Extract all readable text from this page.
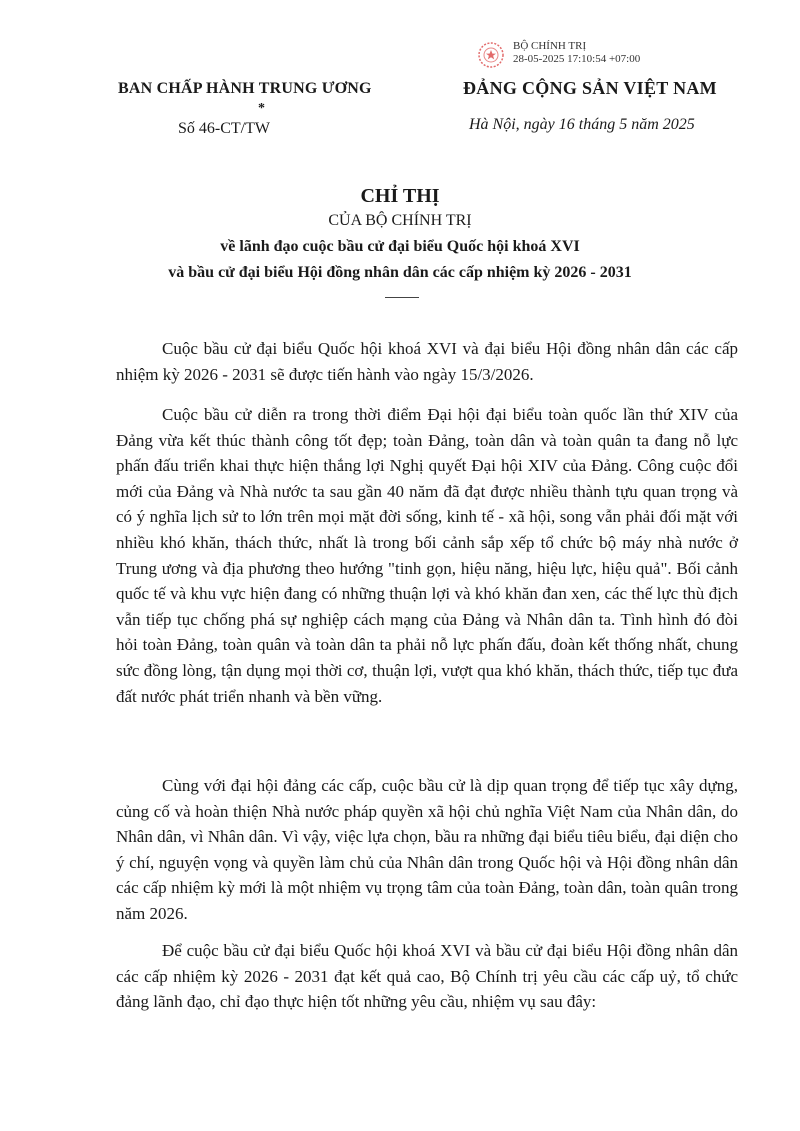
BỘ CHÍNH TRỊ
28-05-2025 17:10:54 +07:00
BAN CHẤP HÀNH TRUNG ƯƠNG
*
Số 46-CT/TW
ĐẢNG CỘNG SẢN VIỆT NAM
Hà Nội, ngày 16 tháng 5 năm 2025
CHỈ THỊ
CỦA BỘ CHÍNH TRỊ
về lãnh đạo cuộc bầu cử đại biểu Quốc hội khoá XVI
và bầu cử đại biểu Hội đồng nhân dân các cấp nhiệm kỳ 2026 - 2031

Cuộc bầu cử đại biểu Quốc hội khoá XVI và đại biểu Hội đồng nhân dân các cấp nhiệm kỳ 2026 - 2031 sẽ được tiến hành vào ngày 15/3/2026.

Cuộc bầu cử diễn ra trong thời điểm Đại hội đại biểu toàn quốc lần thứ XIV của Đảng vừa kết thúc thành công tốt đẹp; toàn Đảng, toàn dân và toàn quân ta đang nỗ lực phấn đấu triển khai thực hiện thắng lợi Nghị quyết Đại hội XIV của Đảng. Công cuộc đổi mới của Đảng và Nhà nước ta sau gần 40 năm đã đạt được nhiều thành tựu quan trọng và có ý nghĩa lịch sử to lớn trên mọi mặt đời sống, kinh tế - xã hội, song vẫn phải đối mặt với nhiều khó khăn, thách thức, nhất là trong bối cảnh sắp xếp tổ chức bộ máy nhà nước ở Trung ương và địa phương theo hướng "tinh gọn, hiệu năng, hiệu lực, hiệu quả". Bối cảnh quốc tế và khu vực hiện đang có những thuận lợi và khó khăn đan xen, các thế lực thù địch vẫn tiếp tục chống phá sự nghiệp cách mạng của Đảng và Nhân dân ta. Tình hình đó đòi hỏi toàn Đảng, toàn quân và toàn dân ta phải nỗ lực phấn đấu, đoàn kết thống nhất, chung sức đồng lòng, tận dụng mọi thời cơ, thuận lợi, vượt qua khó khăn, thách thức, tiếp tục đưa đất nước phát triển nhanh và bền vững.

Cùng với đại hội đảng các cấp, cuộc bầu cử là dịp quan trọng để tiếp tục xây dựng, củng cố và hoàn thiện Nhà nước pháp quyền xã hội chủ nghĩa Việt Nam của Nhân dân, do Nhân dân, vì Nhân dân. Vì vậy, việc lựa chọn, bầu ra những đại biểu tiêu biểu, đại diện cho ý chí, nguyện vọng và quyền làm chủ của Nhân dân trong Quốc hội và Hội đồng nhân dân các cấp nhiệm kỳ mới là một nhiệm vụ trọng tâm của toàn Đảng, toàn dân, toàn quân trong năm 2026.

Để cuộc bầu cử đại biểu Quốc hội khoá XVI và bầu cử đại biểu Hội đồng nhân dân các cấp nhiệm kỳ 2026 - 2031 đạt kết quả cao, Bộ Chính trị yêu cầu các cấp uỷ, tổ chức đảng lãnh đạo, chỉ đạo thực hiện tốt những yêu cầu, nhiệm vụ sau đây:
